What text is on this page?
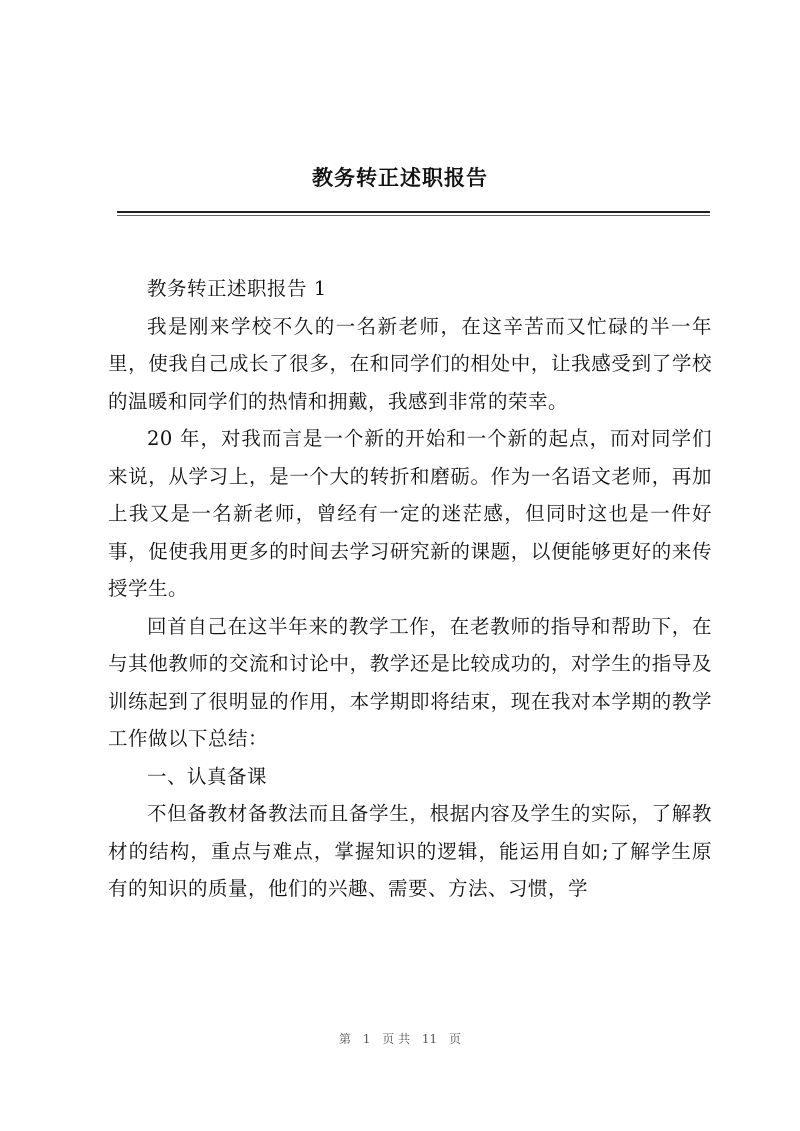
教务转正述职报告

教务转正述职报告 1

我是刚来学校不久的一名新老师，在这辛苦而又忙碌的半一年里，使我自己成长了很多，在和同学们的相处中，让我感受到了学校的温暖和同学们的热情和拥戴，我感到非常的荣幸。

20 年，对我而言是一个新的开始和一个新的起点，而对同学们来说，从学习上，是一个大的转折和磨砺。作为一名语文老师，再加上我又是一名新老师，曾经有一定的迷茫感，但同时这也是一件好事，促使我用更多的时间去学习研究新的课题，以便能够更好的来传授学生。

回首自己在这半年来的教学工作，在老教师的指导和帮助下，在与其他教师的交流和讨论中，教学还是比较成功的，对学生的指导及训练起到了很明显的作用，本学期即将结束，现在我对本学期的教学工作做以下总结：

一、认真备课

不但备教材备教法而且备学生，根据内容及学生的实际，了解教材的结构，重点与难点，掌握知识的逻辑，能运用自如;了解学生原有的知识的质量，他们的兴趣、需要、方法、习惯，学

第 1 页 共 11 页
